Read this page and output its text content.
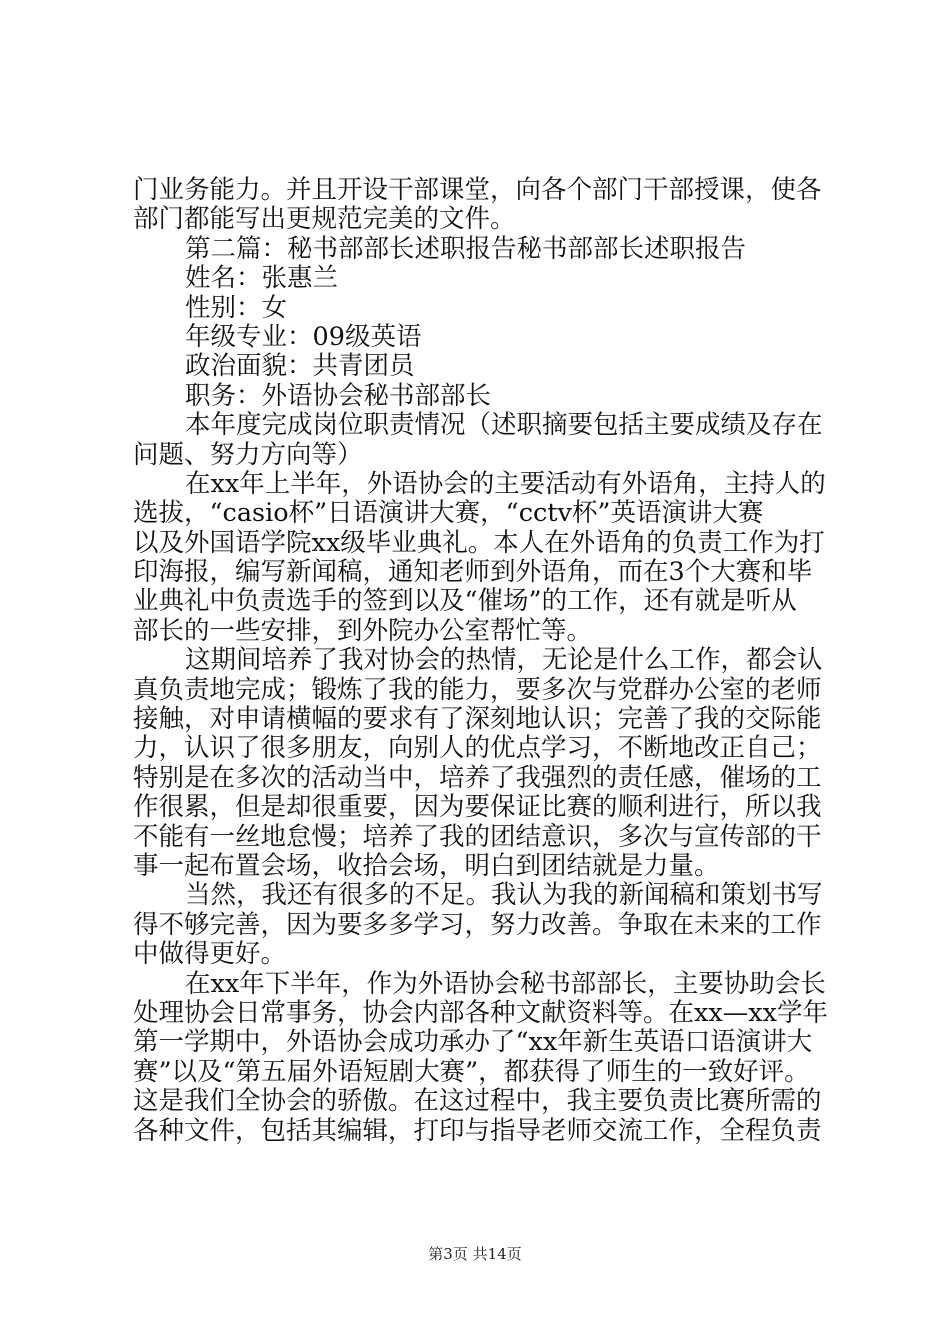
门业务能力。并且开设干部课堂，向各个部门干部授课，使各
部门都能写出更规范完美的文件。
第二篇：秘书部部长述职报告秘书部部长述职报告
姓名：张惠兰
性别：女
年级专业：09级英语
政治面貌：共青团员
职务：外语协会秘书部部长
本年度完成岗位职责情况（述职摘要包括主要成绩及存在
问题、努力方向等）
在xx年上半年，外语协会的主要活动有外语角，主持人的
选拔，“casio杯”日语演讲大赛，“cctv杯”英语演讲大赛
以及外国语学院xx级毕业典礼。本人在外语角的负责工作为打
印海报，编写新闻稿，通知老师到外语角，而在3个大赛和毕
业典礼中负责选手的签到以及“催场”的工作，还有就是听从
部长的一些安排，到外院办公室帮忙等。
这期间培养了我对协会的热情，无论是什么工作，都会认
真负责地完成；锻炼了我的能力，要多次与党群办公室的老师
接触，对申请横幅的要求有了深刻地认识；完善了我的交际能
力，认识了很多朋友，向别人的优点学习，不断地改正自己；
特别是在多次的活动当中，培养了我强烈的责任感，催场的工
作很累，但是却很重要，因为要保证比赛的顺利进行，所以我
不能有一丝地怠慢；培养了我的团结意识，多次与宣传部的干
事一起布置会场，收拾会场，明白到团结就是力量。
当然，我还有很多的不足。我认为我的新闻稿和策划书写
得不够完善，因为要多多学习，努力改善。争取在未来的工作
中做得更好。
在xx年下半年，作为外语协会秘书部部长，主要协助会长
处理协会日常事务，协会内部各种文献资料等。在xx—xx学年
第一学期中，外语协会成功承办了“xx年新生英语口语演讲大
赛”以及“第五届外语短剧大赛”，都获得了师生的一致好评。
这是我们全协会的骄傲。在这过程中，我主要负责比赛所需的
各种文件，包括其编辑，打印与指导老师交流工作，全程负责
第3页 共14页
